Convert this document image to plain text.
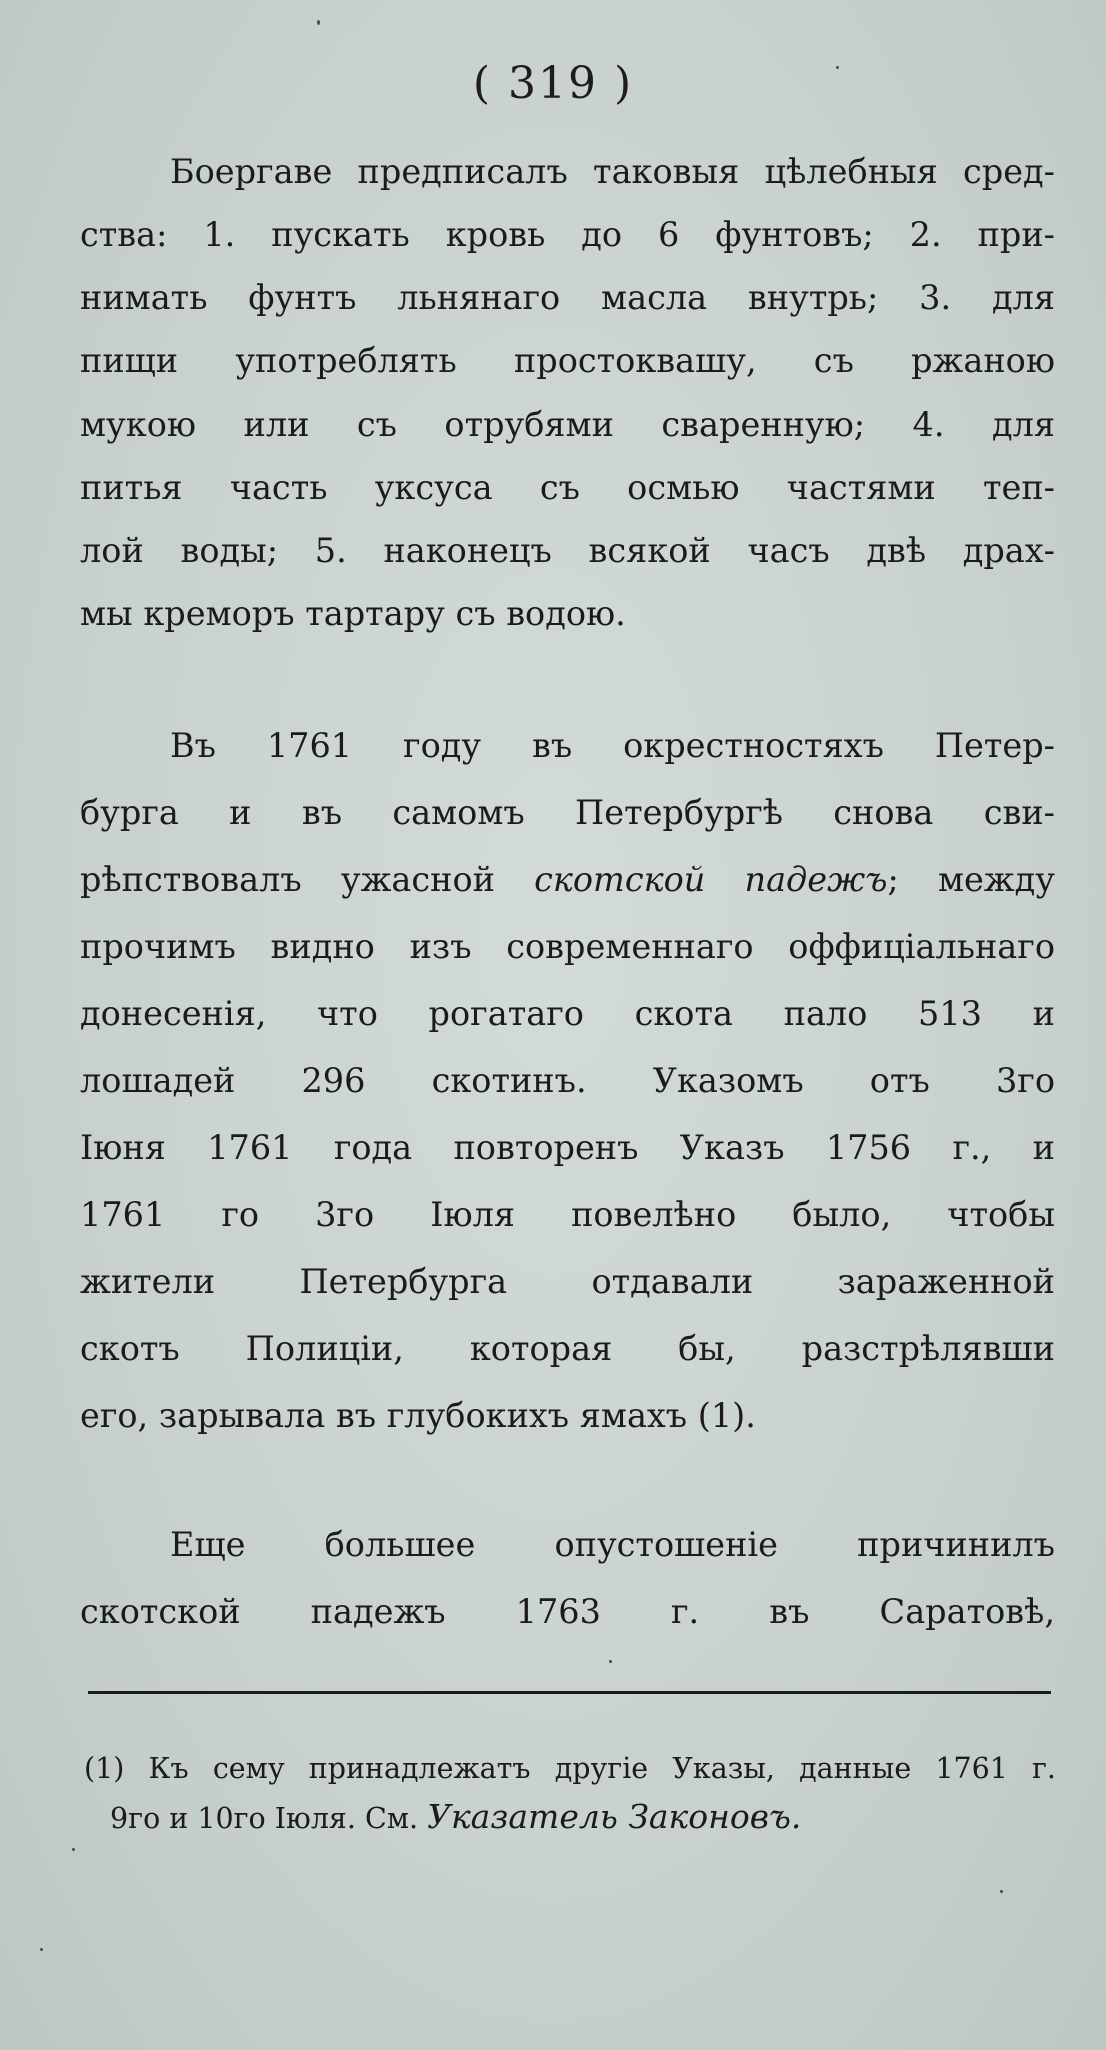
( 319 )
Боергаве предписалъ таковыя цѣлебныя сред-
ства: 1. пускать кровь до 6 фунтовъ; 2. при-
нимать фунтъ льнянаго масла внутрь; 3. для
пищи употреблять простоквашу, съ ржаною
мукою или съ отрубями сваренную; 4. для
питья часть уксуса съ осмью частями теп-
лой воды; 5. наконецъ всякой часъ двѣ драх-
мы кремoръ тартару съ водою.
Въ 1761 году въ окрестностяхъ Петер-
бурга и въ самомъ Петербургѣ снова сви-
рѣпствовалъ ужасной скотской падежъ; между
прочимъ видно изъ современнаго оффиціальнаго
донесенія, что рогатаго скота пало 513 и
лошадей 296 скотинъ. Указомъ отъ 3го
Іюня 1761 года повторенъ Указъ 1756 г., и
1761 го 3го Іюля повелѣно было, чтобы
жители Петербурга отдавали зараженной
скотъ Полиціи, которая бы, разстрѣлявши
его, зарывала въ глубокихъ ямахъ (1).
Еще большее опустошеніе причинилъ
скотской падежъ 1763 г. въ Саратовѣ,
(1) Къ сему принадлежатъ другіе Указы, данные 1761 г.
9го и 10го Іюля. См. Указатель Законовъ.
